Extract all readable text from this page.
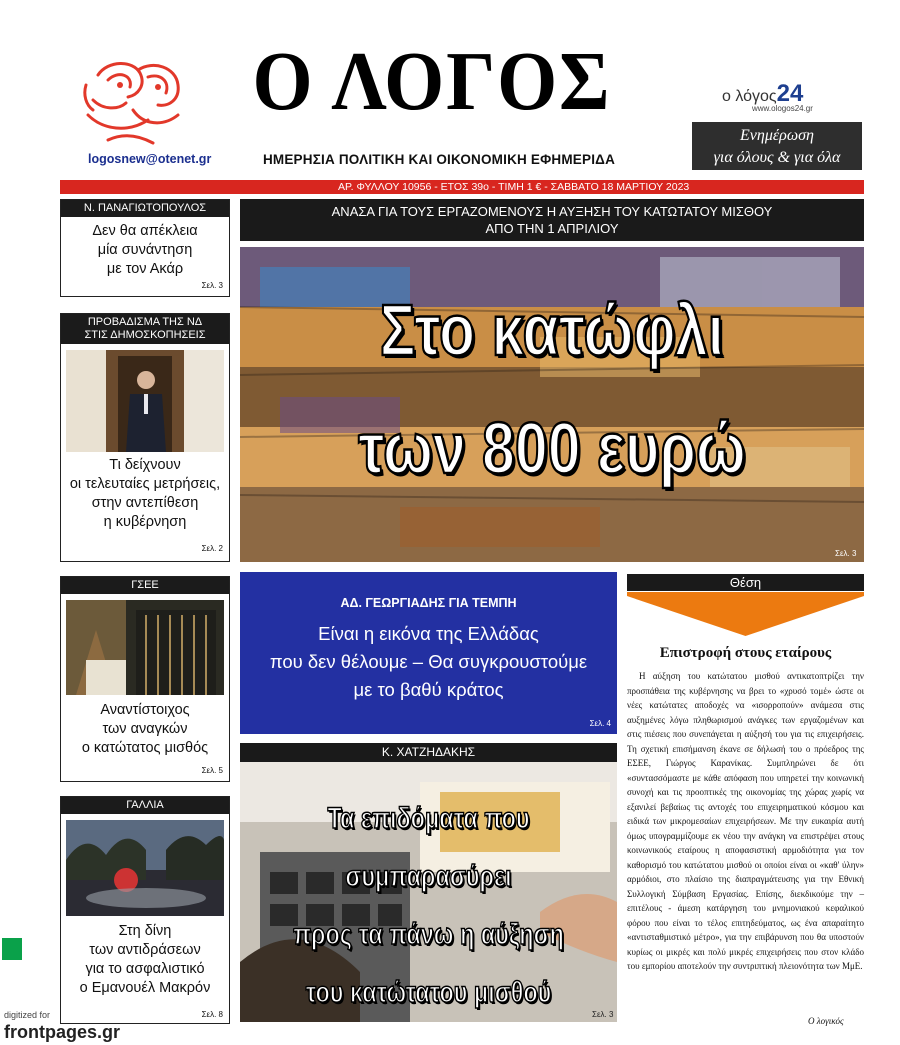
logosnew@otenet.gr
Ο ΛΟΓΟΣ
ΗΜΕΡΗΣΙΑ ΠΟΛΙΤΙΚΗ ΚΑΙ ΟΙΚΟΝΟΜΙΚΗ ΕΦΗΜΕΡΙΔΑ
ο λόγος24
www.ologos24.gr
Ενημέρωση
για όλους & για όλα
ΑΡ. ΦΥΛΛΟΥ 10956 - ΕΤΟΣ 39ο - ΤΙΜΗ 1 € - ΣΑΒΒΑΤΟ 18 ΜΑΡΤΙΟΥ 2023
Ν. ΠΑΝΑΓΙΩΤΟΠΟΥΛΟΣ
Δεν θα απέκλεια
μία συνάντηση
με τον Ακάρ
Σελ. 3
ΠΡΟΒΑΔΙΣΜΑ ΤΗΣ ΝΔ
ΣΤΙΣ ΔΗΜΟΣΚΟΠΗΣΕΙΣ
Τι δείχνουν
οι τελευταίες μετρήσεις,
στην αντεπίθεση
η κυβέρνηση
Σελ. 2
ΓΣΕΕ
Αναντίστοιχος
των αναγκών
ο κατώτατος μισθός
Σελ. 5
ΓΑΛΛΙΑ
Στη δίνη
των αντιδράσεων
για το ασφαλιστικό
ο Εμανουέλ Μακρόν
Σελ. 8
ΑΝΑΣΑ ΓΙΑ ΤΟΥΣ ΕΡΓΑΖΟΜΕΝΟΥΣ Η ΑΥΞΗΣΗ ΤΟΥ ΚΑΤΩΤΑΤΟΥ ΜΙΣΘΟΥ
ΑΠΟ ΤΗΝ 1 ΑΠΡΙΛΙΟΥ
Στο κατώφλι
των 800 ευρώ
Σελ. 3
ΑΔ. ΓΕΩΡΓΙΑΔΗΣ ΓΙΑ ΤΕΜΠΗ
Είναι η εικόνα της Ελλάδας
που δεν θέλουμε – Θα συγκρουστούμε
με το βαθύ κράτος
Σελ. 4
Κ. ΧΑΤΖΗΔΑΚΗΣ
Τα επιδόματα που συμπαρασύρει
προς τα πάνω η αύξηση
του κατώτατου μισθού
Σελ. 3
Θέση
Επιστροφή στους εταίρους
Η αύξηση του κατώτατου μισθού αντικατοπτρίζει την προσπάθεια της κυβέρνησης να βρει το «χρυσό τομέ» ώστε οι νέες κατώτατες αποδοχές να «ισορροπούν» ανάμεσα στις αυξημένες λόγω πληθωρισμού ανάγκες των εργαζομένων και στις πιέσεις που συνεπάγεται η αύξησή του για τις επιχειρήσεις. Τη σχετική επισήμανση έκανε σε δήλωσή του ο πρόεδρος της ΕΣΕΕ, Γιώργος Καρανίκας. Συμπληρώνει δε ότι «συντασσόμαστε με κάθε απόφαση που υπηρετεί την κοινωνική συνοχή και τις προοπτικές της οικονομίας της χώρας χωρίς να εξανιλεί βεβαίως τις αντοχές του επιχειρηματικού κόσμου και ειδικά των μικρομεσαίων επιχειρήσεων. Με την ευκαιρία αυτή όμως υπογραμμίζουμε εκ νέου την ανάγκη να επιστρέψει στους κοινωνικούς εταίρους η αποφασιστική αρμοδιότητα για τον καθορισμό του κατώτατου μισθού οι οποίοι είναι οι «καθ' ύλην» αρμόδιοι, στο πλαίσιο της διαπραγμάτευσης για την Εθνική Συλλογική Σύμβαση Εργασίας. Επίσης, διεκδικούμε την – επιτέλους - άμεση κατάργηση του μνημονιακού κεφαλικού φόρου που είναι το τέλος επιτηδεύματος, ως ένα απαραίτητο «αντισταθμιστικό μέτρο», για την επιβάρυνση που θα υποστούν κυρίως οι μικρές και πολύ μικρές επιχειρήσεις που στον κλάδο του εμπορίου αποτελούν την συντριπτική πλειονότητα των ΜμΕ.
Ο λογικός
digitized for
frontpages.gr
